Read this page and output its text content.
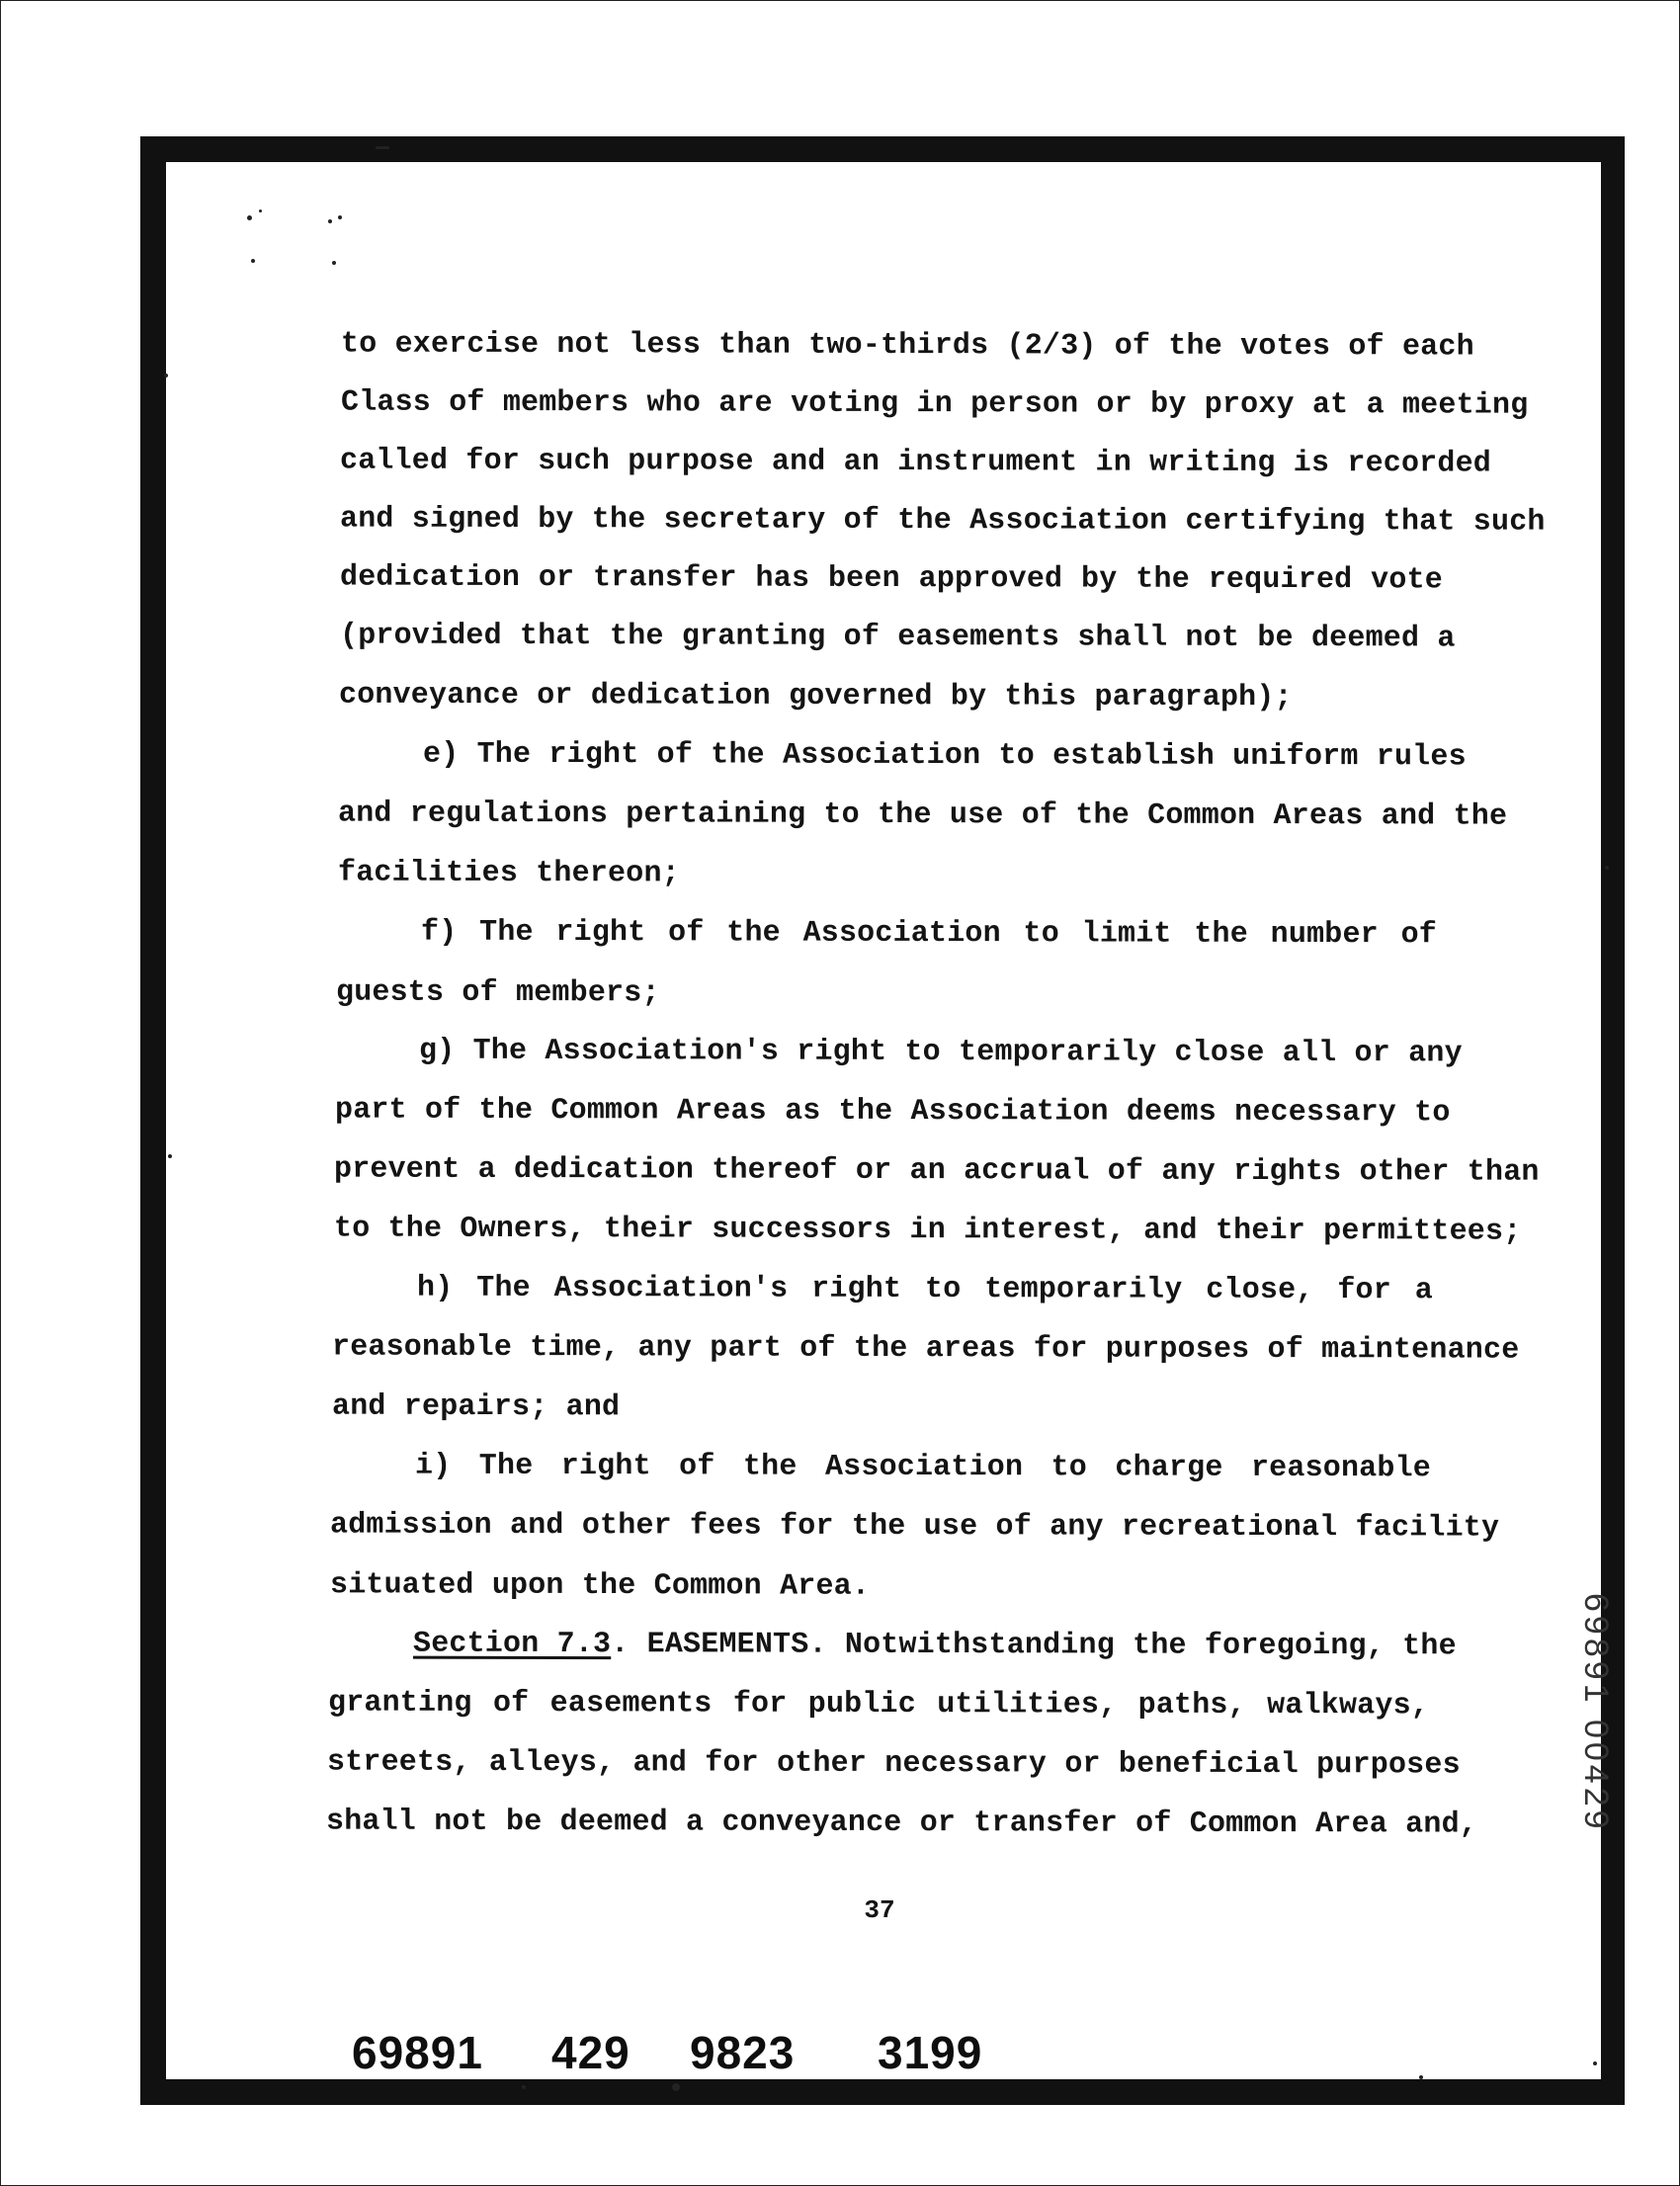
to exercise not less than two-thirds (2/3) of the votes of each
Class of members who are voting in person or by proxy at a meeting
called for such purpose and an instrument in writing is recorded
and signed by the secretary of the Association certifying that such
dedication or transfer has been approved by the required vote
(provided that the granting of easements shall not be deemed a
conveyance or dedication governed by this paragraph);
e) The right of the Association to establish uniform rules
and regulations pertaining to the use of the Common Areas and the
facilities thereon;
f) The right of the Association to limit the number of
guests of members;
g) The Association's right to temporarily close all or any
part of the Common Areas as the Association deems necessary to
prevent a dedication thereof or an accrual of any rights other than
to the Owners, their successors in interest, and their permittees;
h) The Association's right to temporarily close, for a
reasonable time, any part of the areas for purposes of maintenance
and repairs; and
i) The right of the Association to charge reasonable
admission and other fees for the use of any recreational facility
situated upon the Common Area.
Section 7.3. EASEMENTS. Notwithstanding the foregoing, the
granting of easements for public utilities, paths, walkways,
streets, alleys, and for other necessary or beneficial purposes
shall not be deemed a conveyance or transfer of Common Area and,
37
69891 429 9823 3199
69891 00429
